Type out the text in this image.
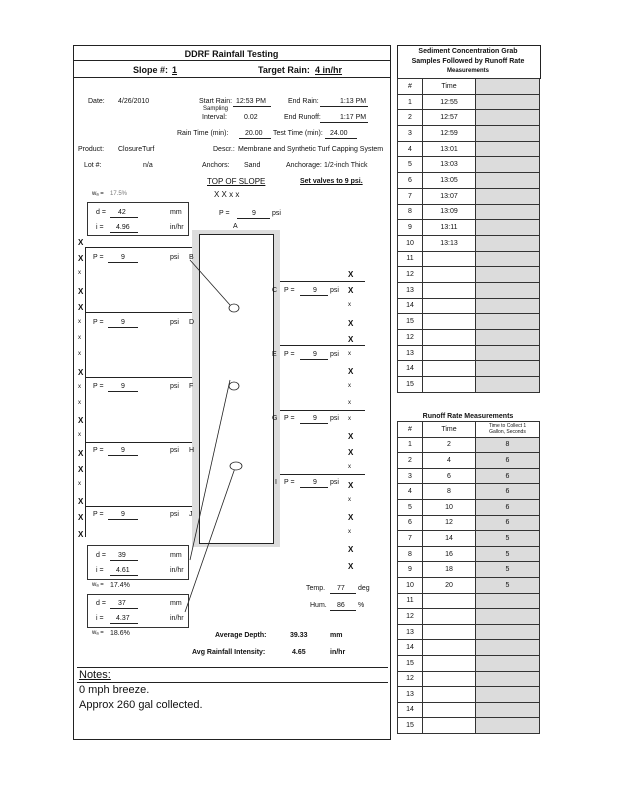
DDRF Rainfall Testing
Slope #: 1	Target Rain: 4 in/hr
Date: 4/26/2010	Start Rain: 12:53 PM	End Rain:	1:13 PM
Sampling
Interval: 0.02	End Runoff:	1:17 PM
Rain Time (min): 20.00 Test Time (min): 24.00
Product: ClosureTurf	Descr.: Membrane and Synthetic Turf Capping System
Lot #:	n/a	Anchors: Sand	Anchorage: 1/2-inch Thick
TOP OF SLOPE	Set valves to 9 psi.
X X x x
wₐ = 17.5%
d = 42	mm
i = 4.96	in/hr
P =	9 psi
A
P = 9	psi B
P = 9	psi D
P = 9	psi F
P = 9	psi H
P = 9	psi J
C P =	9 psi
E P =	9 psi
G P =	9 psi
I P =	9 psi
X
X
x
X
X
x
x
x
X
x
x
X
x
X
X
x
X
X
X
X
X
x
X
X
x
X
x
x
x
X
X
x
X
x
X
x
X
X
d = 39	mm
i = 4.61	in/hr
wₐ = 17.4%
d = 37	mm
i = 4.37	in/hr
wₐ = 18.6%
Temp. 77 deg
Hum. 86 %
Average Depth:	39.33	mm
Avg Rainfall Intensity:	4.65	in/hr
Notes:
0 mph breeze.
Approx 260 gal collected.
Sediment Concentration Grab
Samples Followed by Runoff Rate
Measurements
#	Time	
1	12:55	
2	12:57	
3	12:59	
4	13:01	
5	13:03	
6	13:05	
7	13:07	
8	13:09	
9	13:11	
10	13:13	
11		
12		
13		
14		
15		
12		
13		
14		
15		
Runoff Rate Measurements
#	Time	Time to Collect 1
Gallon, Seconds

1	2	8
2	4	6
3	6	6
4	8	6
5	10	6
6	12	6
7	14	5
8	16	5
9	18	5
10	20	5
11		
12		
13		
14		
15		
12		
13		
14		
15		
